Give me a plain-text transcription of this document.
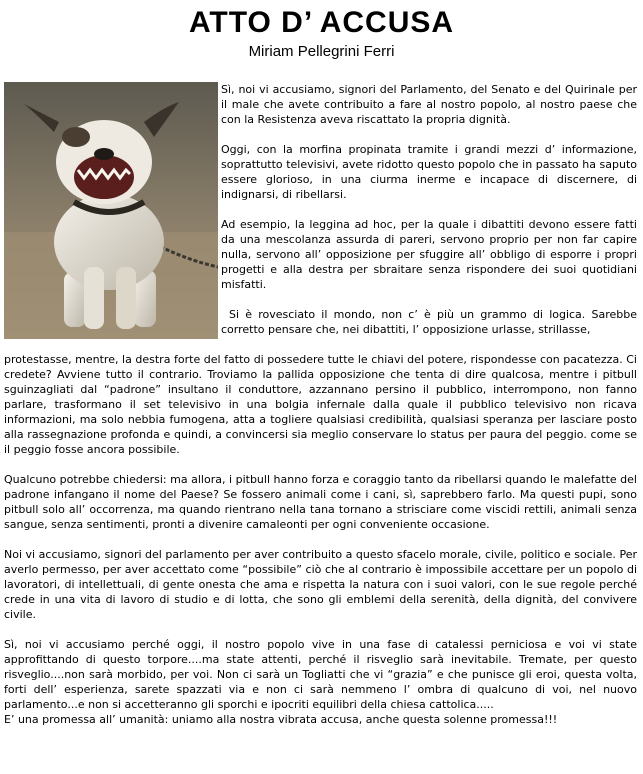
ATTO D’ ACCUSA
Miriam Pellegrini Ferri

Sì, noi vi accusiamo, signori del Parlamento, del Senato e del Quirinale per il male che avete contribuito a fare al nostro popolo, al nostro paese che con la Resistenza aveva riscattato la propria dignità.

Oggi, con la morfina propinata tramite i grandi mezzi d’ informazione, soprattutto televisivi, avete ridotto questo popolo che in passato ha saputo essere glorioso, in una ciurma inerme e incapace di discernere, di indignarsi, di ribellarsi.

Ad esempio, la leggina ad hoc, per la quale i dibattiti devono essere fatti da una mescolanza assurda di pareri, servono proprio per non far capire nulla, servono all’ opposizione per sfuggire all’ obbligo di esporre i propri progetti e alla destra per sbraitare senza rispondere dei suoi quotidiani misfatti.

Si è rovesciato il mondo, non c’ è più un grammo di logica. Sarebbe corretto pensare che, nei dibattiti, l’ opposizione urlasse, strillasse,

protestasse, mentre, la destra forte del fatto di possedere tutte le chiavi del potere, rispondesse con pacatezza. Ci credete? Avviene tutto il contrario. Troviamo la pallida opposizione che tenta di dire qualcosa, mentre i pitbull sguinzagliati dal “padrone” insultano il conduttore, azzannano persino il pubblico, interrompono, non fanno parlare, trasformano il set televisivo in una bolgia infernale dalla quale il pubblico televisivo non ricava informazioni, ma solo nebbia fumogena, atta a togliere qualsiasi credibilità, qualsiasi speranza per lasciare posto alla rassegnazione profonda e quindi, a convincersi sia meglio conservare lo status per paura del peggio. come se il peggio fosse ancora possibile.

Qualcuno potrebbe chiedersi: ma allora, i pitbull hanno forza e coraggio tanto da ribellarsi quando le malefatte del padrone infangano il nome del Paese? Se fossero animali come i cani, sì, saprebbero farlo. Ma questi pupi, sono pitbull solo all’ occorrenza, ma quando rientrano nella tana tornano a strisciare come viscidi rettili, animali senza sangue, senza sentimenti, pronti a divenire camaleonti per ogni conveniente occasione.

Noi vi accusiamo, signori del parlamento per aver contribuito a questo sfacelo morale, civile, politico e sociale. Per averlo permesso, per aver accettato come “possibile” ciò che al contrario è impossibile accettare per un popolo di lavoratori, di intellettuali, di gente onesta che ama e rispetta la natura con i suoi valori, con le sue regole perché crede in una vita di lavoro di studio e di lotta, che sono gli emblemi della serenità, della dignità, del convivere civile.

Sì, noi vi accusiamo perché oggi, il nostro popolo vive in una fase di catalessi perniciosa e voi vi state approfittando di questo torpore....ma state attenti, perché il risveglio sarà inevitabile. Tremate, per questo risveglio....non sarà morbido, per voi. Non ci sarà un Togliatti che vi “grazia” e che punisce gli eroi, questa volta, forti dell’ esperienza, sarete spazzati via e non ci sarà nemmeno l’ ombra di qualcuno di voi, nel nuovo parlamento...e non si accetteranno gli sporchi e ipocriti equilibri della chiesa cattolica.....

E’ una promessa all’ umanità: uniamo alla nostra vibrata accusa, anche questa solenne promessa!!!
